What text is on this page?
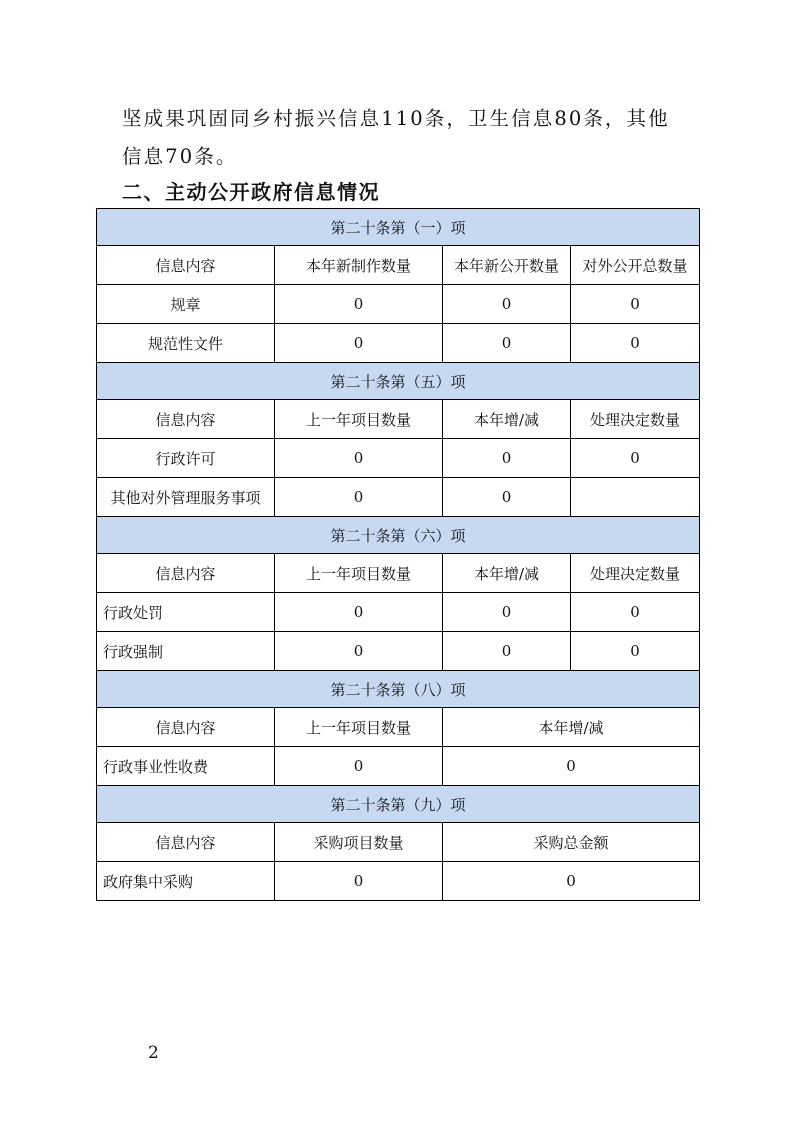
坚成果巩固同乡村振兴信息110条，卫生信息80条，其他
信息70条。
二、主动公开政府信息情况
第二十条第（一）项			
信息内容	本年新制作数量	本年新公开数量	对外公开总数量
规章	0	0	0
规范性文件	0	0	0
第二十条第（五）项			
信息内容	上一年项目数量	本年增/减	处理决定数量
行政许可	0	0	0
其他对外管理服务事项	0	0	
第二十条第（六）项			
信息内容	上一年项目数量	本年增/减	处理决定数量
行政处罚	0	0	0
行政强制	0	0	0
第二十条第（八）项			
信息内容	上一年项目数量	本年增/减	
行政事业性收费	0	0	
第二十条第（九）项			
信息内容	采购项目数量	采购总金额	
政府集中采购	0	0	
2
